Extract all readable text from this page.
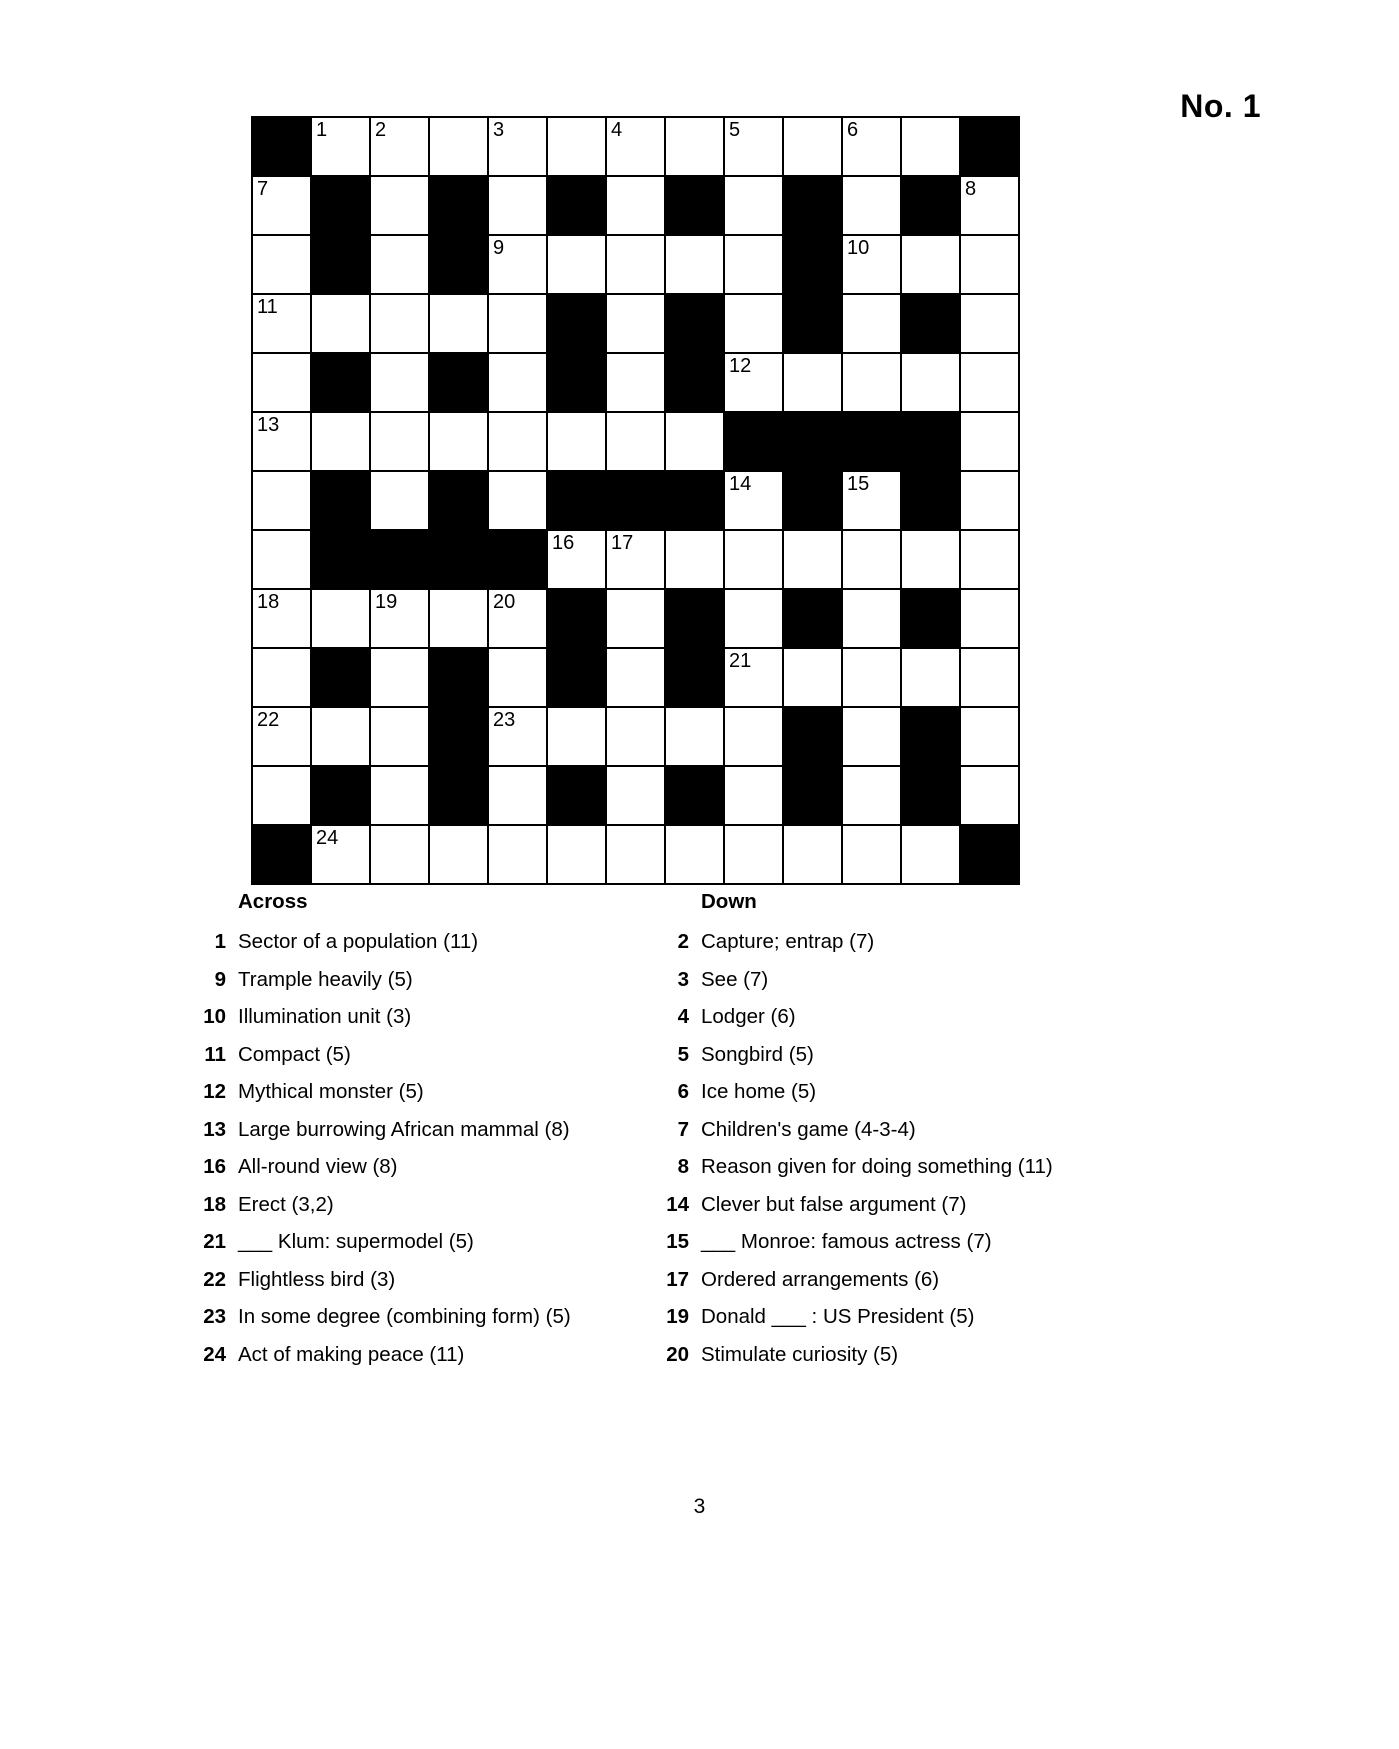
No. 1

	1	2		3		4		5		6		

7												8

				9						10		

11												

								12				

13												

								14		15		

					16	17						

18		19		20								

								21				

22				23								

	24											

Across
1 Sector of a population (11)
9 Trample heavily (5)
10 Illumination unit (3)
11 Compact (5)
12 Mythical monster (5)
13 Large burrowing African mammal (8)
16 All-round view (8)
18 Erect (3,2)
21 ___ Klum: supermodel (5)
22 Flightless bird (3)
23 In some degree (combining form) (5)
24 Act of making peace (11)
Down
2 Capture; entrap (7)
3 See (7)
4 Lodger (6)
5 Songbird (5)
6 Ice home (5)
7 Children's game (4-3-4)
8 Reason given for doing something (11)
14 Clever but false argument (7)
15 ___ Monroe: famous actress (7)
17 Ordered arrangements (6)
19 Donald ___ : US President (5)
20 Stimulate curiosity (5)
3
